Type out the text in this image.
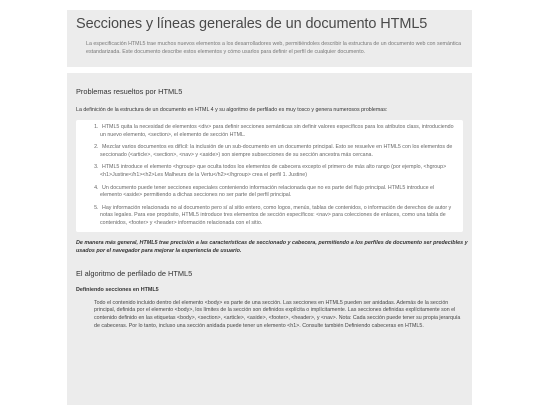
Secciones y líneas generales de un documento HTML5

La especificación HTML5 trae muchos nuevos elementos a los desarrolladores web, permitiéndoles describir la estructura de un documento web con semántica estandarizada. Este documento describe estos elementos y cómo usarlos para definir el perfil de cualquier documento.

Problemas resueltos por HTML5

La definición de la estructura de un documento en HTML 4 y su algoritmo de perfilado es muy tosco y genera numerosos problemas:

1. HTML5 quita la necesidad de elementos <div> para definir secciones semánticas sin definir valores específicos para los atributos class, introduciendo un nuevo elemento, <section>, el elemento de sección HTML.
2. Mezclar varios documentos es difícil: la inclusión de un sub-documento en un documento principal. Esto se resuelve en HTML5 con los elementos de seccionado (<article>, <section>, <nav> y <aside>) son siempre subsecciones de su sección ancestra más cercana.
3. HTML5 introduce el elemento <hgroup> que oculta todos los elementos de cabecera excepto el primero de más alto rango (por ejemplo, <hgroup><h1>Justine</h1><h2>Les Malheurs de la Vertu</h2></hgroup> crea el perfil 1. Justine)
4. Un documento puede tener secciones especiales conteniendo información relacionada que no es parte del flujo principal. HTML5 introduce el elemento <aside> permitiendo a dichas secciones no ser parte del perfil principal.
5. Hay información relacionada no al documento pero sí al sitio entero, como logos, menús, tablas de contenidos, o información de derechos de autor y notas legales. Para ese propósito, HTML5 introduce tres elementos de sección específicos: <nav> para colecciones de enlaces, como una tabla de contenidos, <footer> y <header> información relacionada con el sitio.

De manera más general, HTML5 trae precisión a las características de seccionado y cabecera, permitiendo a los perfiles de documento ser predecibles y usados por el navegador para mejorar la experiencia de usuario.

El algoritmo de perfilado de HTML5
Definiendo secciones en HTML5

Todo el contenido incluido dentro del elemento <body> es parte de una sección. Las secciones en HTML5 pueden ser anidadas. Además de la sección principal, definida por el elemento <body>, los límites de la sección son definidos explícita o implícitamente. Las secciones definidas explícitamente son el contenido definido en las etiquetas <body>, <section>, <article>, <aside>, <footer>, <header>, y <nav>. Nota: Cada sección puede tener su propia jerarquía de cabeceras. Por lo tanto, incluso una sección anidada puede tener un elemento <h1>. Consulte también Definiendo cabeceras en HTML5.
